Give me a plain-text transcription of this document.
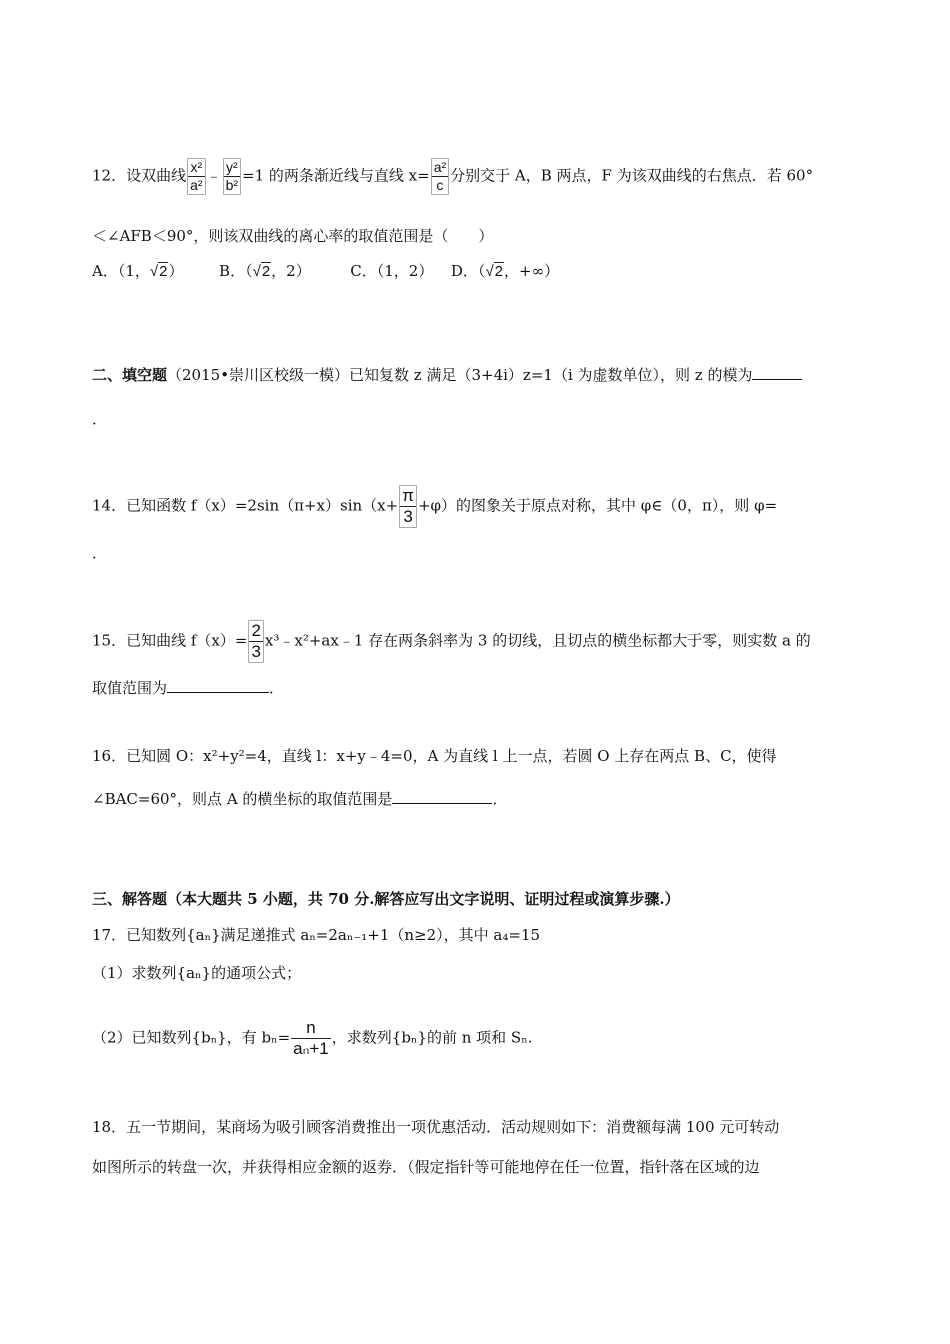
12．设双曲线 $\frac{\text{x²}}{\text{a²}}$ ﹣ $\frac{\text{y²}}{\text{b²}} =1$ 的两条渐近线与直线 $x= \frac{\text{a²}}{c}$ 分别交于 A，B 两点，F 为该双曲线的右焦点．若 60°
＜∠AFB＜90°，则该双曲线的离心率的取值范围是（　　）
A．（1，√2） B．（√2，2）	C．（1，2） D．（√2，+∞）
二、填空题（2015•崇川区校级一模）已知复数 z 满足（3+4i）z=1（i 为虚数单位），则 z 的模为
．
14．已知函数 $f(x)=2\sin(\pi+x)\sin(x+ \frac{\pi}{3} +\varphi)$的图象关于原点对称，其中 φ∈（0，π），则 φ=
．
15．已知曲线 $f(x)= \frac{2}{3}$ x³﹣x²+ax﹣1 存在两条斜率为 3 的切线，且切点的横坐标都大于零，则实数 a 的
取值范围为	．
16．已知圆 O：x²+y²=4，直线 l：x+y﹣4=0，A 为直线 l 上一点，若圆 O 上存在两点 B、C，使得
∠BAC=60°，则点 A 的横坐标的取值范围是	．
三、解答题（本大题共 5 小题，共 70 分.解答应写出文字说明、证明过程或演算步骤.）
17．已知数列{aₙ}满足递推式 aₙ=2aₙ₋₁+1（n≥2），其中 a₄=15
（1）求数列{aₙ}的通项公式；
（2）已知数列{bₙ}，有 $b_n= \frac{n}{\text{aₙ+1}}$ ，求数列{bₙ}的前 n 项和 Sₙ.
18．五一节期间，某商场为吸引顾客消费推出一项优惠活动．活动规则如下：消费额每满 100 元可转动
如图所示的转盘一次，并获得相应金额的返券．（假定指针等可能地停在任一位置，指针落在区域的边
